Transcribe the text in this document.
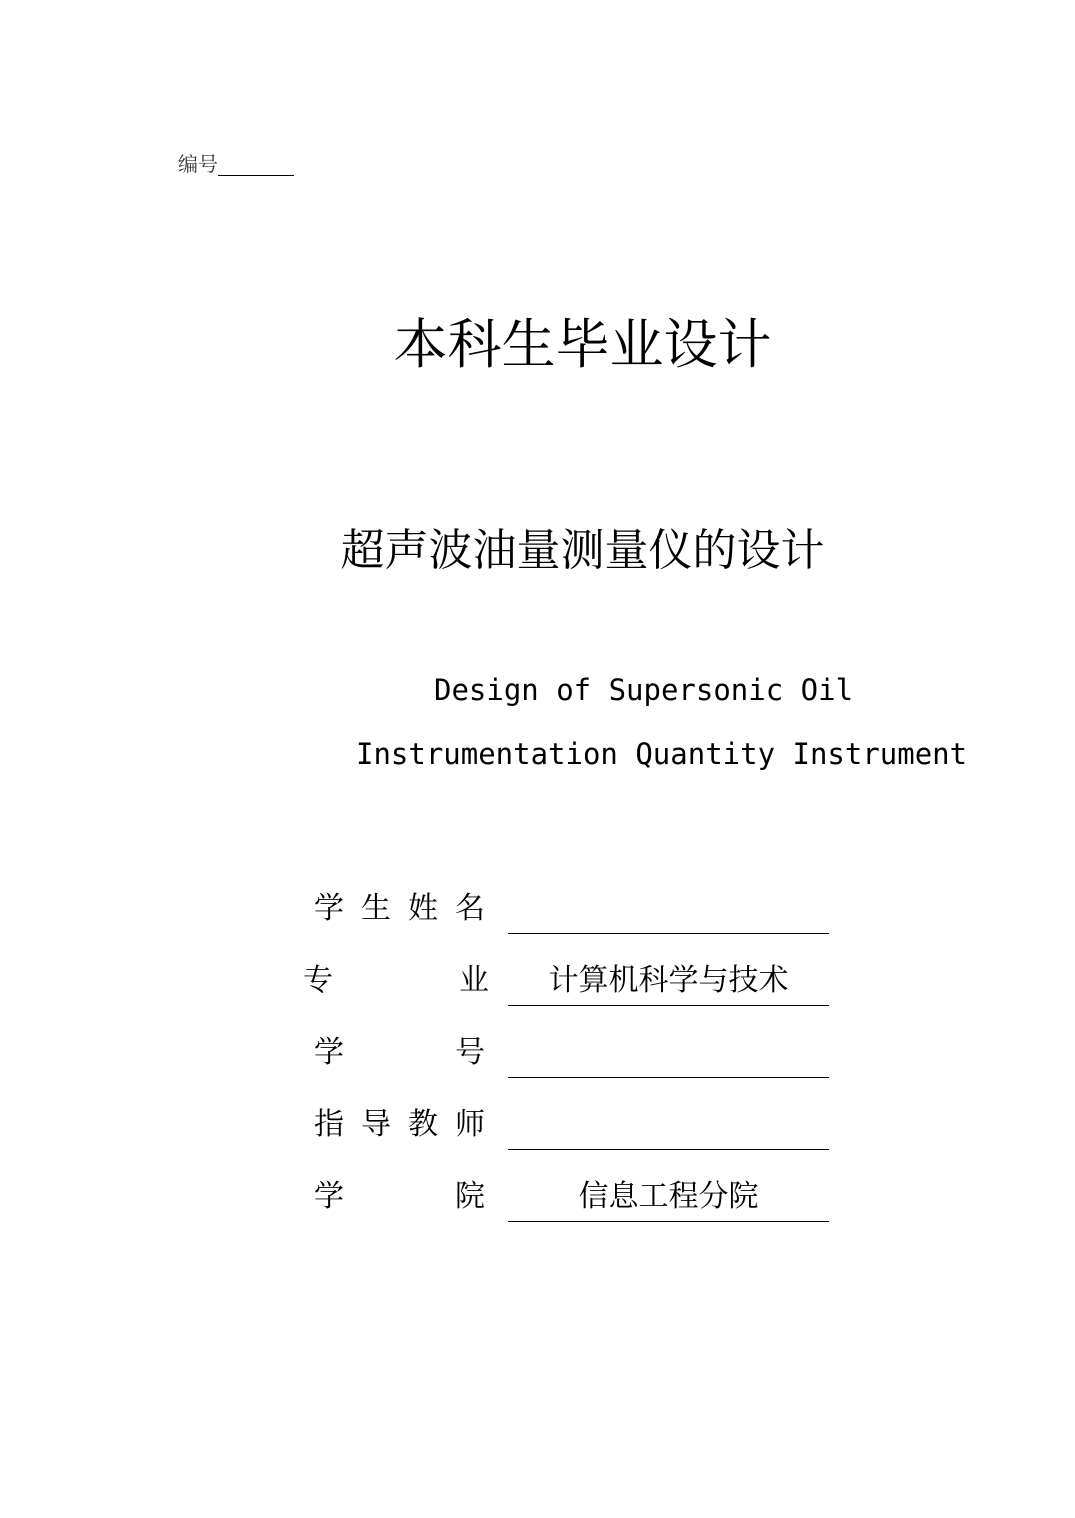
编号
本科生毕业设计
超声波油量测量仪的设计
Design of Supersonic Oil
Instrumentation Quantity Instrument
学 生 姓 名
专	业	计算机科学与技术
学	号
指 导 教 师
学	院	信息工程分院
